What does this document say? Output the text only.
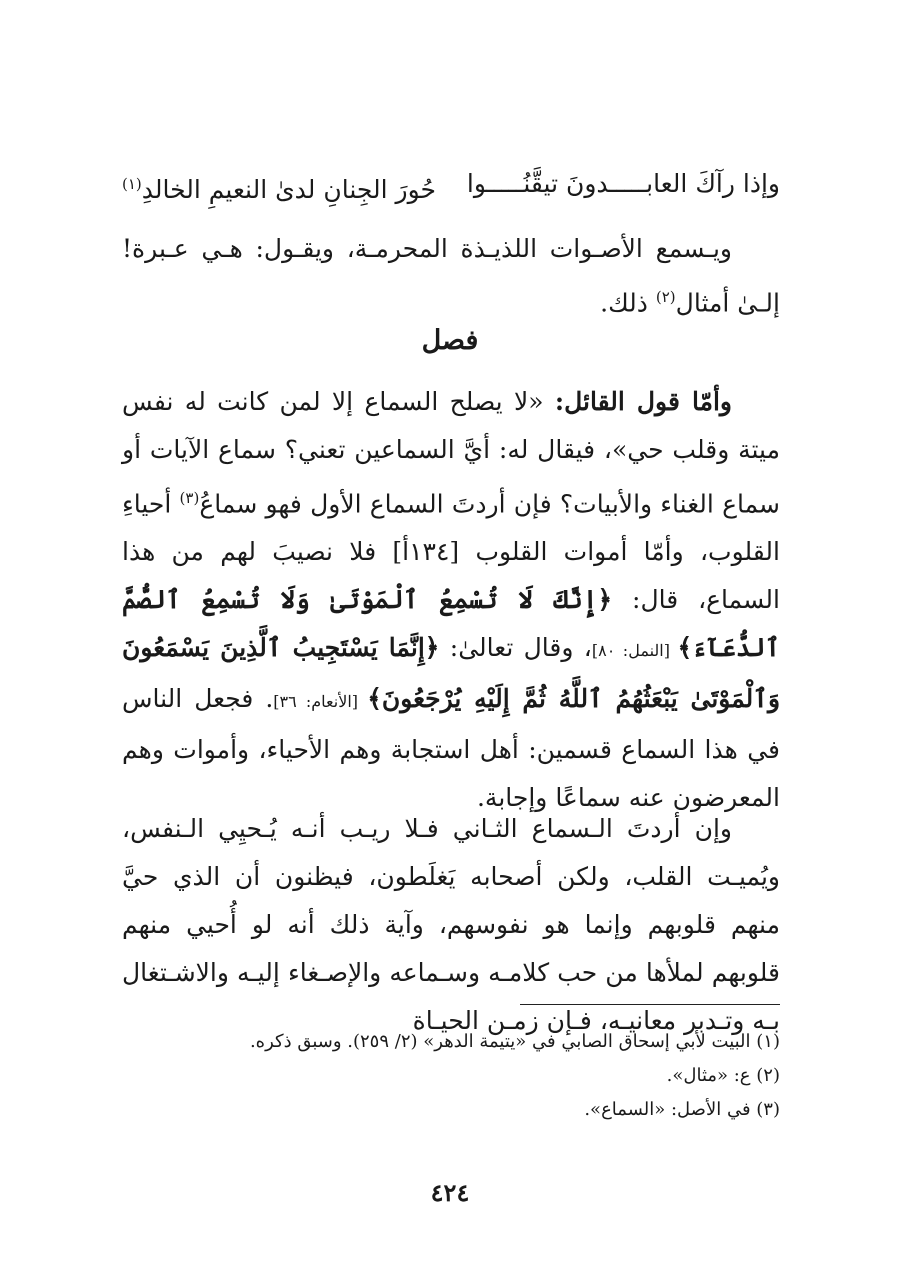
وإذا رآكَ العابـــــدونَ تيقَّنُـــــوا
حُورَ الجِنانِ لدىٰ النعيمِ الخالدِ$^{(١)}$
ويـسمع الأصـوات اللذيـذة المحرمـة، ويقـول: هـي عـبرة! إلـىٰ أمثال$^{(٢)}$ ذلك.
فصل
وأمّا قول القائل: «لا يصلح السماع إلا لمن كانت له نفس ميتة وقلب حي»، فيقال له: أيَّ السماعين تعني؟ سماع الآيات أو سماع الغناء والأبيات؟ فإن أردتَ السماع الأول فهو سماعُ$^{(٣)}$ أحياءِ القلوب، وأمّا أموات القلوب [١٣٤أ] فلا نصيبَ لهم من هذا السماع، قال: ﴿إِنَّكَ لَا تُسْمِعُ ٱلْمَوْتَىٰ وَلَا تُسْمِعُ ٱلصُّمَّ ٱلدُّعَآءَ﴾ [النمل: ٨٠]، وقال تعالىٰ: ﴿إِنَّمَا يَسْتَجِيبُ ٱلَّذِينَ يَسْمَعُونَ وَٱلْمَوْتَىٰ يَبْعَثُهُمُ ٱللَّهُ ثُمَّ إِلَيْهِ يُرْجَعُونَ﴾ [الأنعام: ٣٦]. فجعل الناس في هذا السماع قسمين: أهل استجابة وهم الأحياء، وأموات وهم المعرضون عنه سماعًا وإجابة.
وإن أردتَ الـسماع الثـاني فـلا ريـب أنـه يُـحيِي الـنفس، ويُميـت القلب، ولكن أصحابه يَغلَطون، فيظنون أن الذي حيَّ منهم قلوبهم وإنما هو نفوسهم، وآية ذلك أنه لو أُحيي منهم قلوبهم لملأها من حب كلامـه وسـماعه والإصـغاء إليـه والاشـتغال بـه وتـدبر معانيـه، فـإن زمـن الحيـاة
(١) البيت لأبي إسحاق الصابي في «يتيمة الدهر» (٢/ ٢٥٩). وسبق ذكره.
(٢) ع: «مثال».
(٣) في الأصل: «السماع».
٤٢٤
